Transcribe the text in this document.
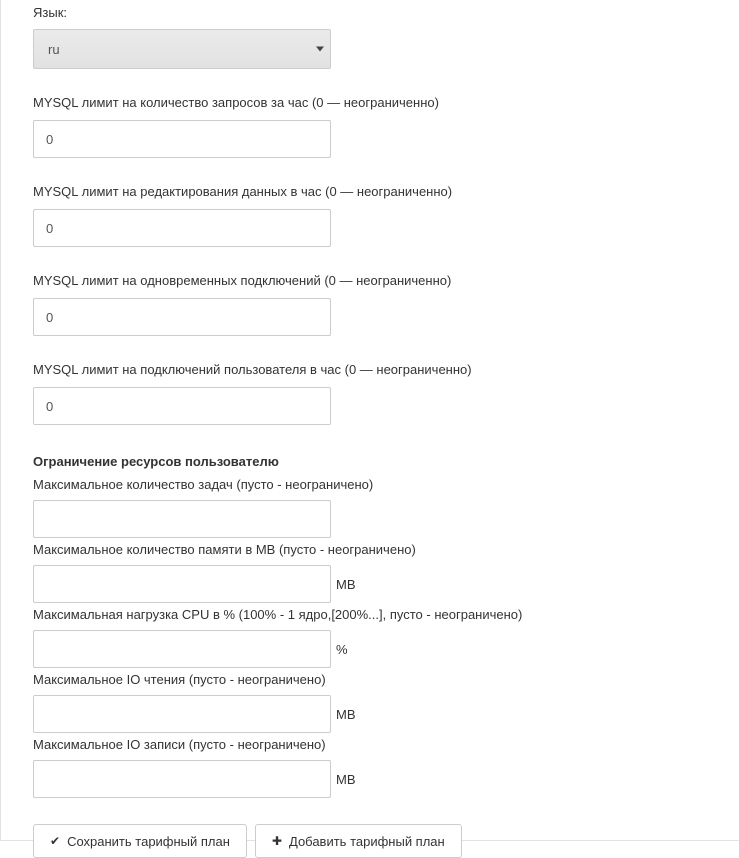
Язык:
ru
MYSQL лимит на количество запросов за час (0 — неограниченно)
0
MYSQL лимит на редактирования данных в час (0 — неограниченно)
0
MYSQL лимит на одновременных подключений (0 — неограниченно)
0
MYSQL лимит на подключений пользователя в час (0 — неограниченно)
0
Ограничение ресурсов пользователю
Максимальное количество задач (пусто - неограничено)
Максимальное количество памяти в MB (пусто - неограничено)
MB
Максимальная нагрузка CPU в % (100% - 1 ядро,[200%...], пусто - неограничено)
%
Максимальное IO чтения (пусто - неограничено)
MB
Максимальное IO записи (пусто - неограничено)
MB
✔ Сохранить тарифный план	✚ Добавить тарифный план
